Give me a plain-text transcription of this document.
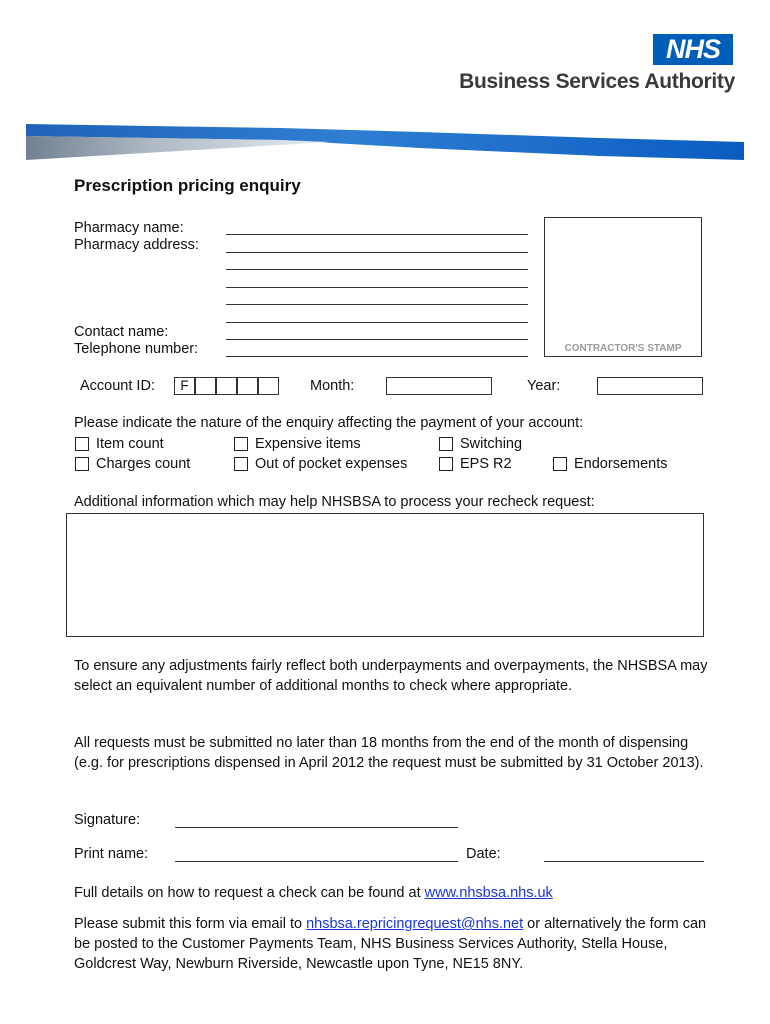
NHS
Business Services Authority
Prescription pricing enquiry
Pharmacy name:
Pharmacy address:
Contact name:
Telephone number:	CONTRACTOR'S STAMP
Account ID:	F	Month:	Year:
Please indicate the nature of the enquiry affecting the payment of your account:
Item count	Expensive items	Switching
Charges count	Out of pocket expenses	EPS R2	Endorsements
Additional information which may help NHSBSA to process your recheck request:
To ensure any adjustments fairly reflect both underpayments and overpayments, the NHSBSA may select an equivalent number of additional months to check where appropriate.
All requests must be submitted no later than 18 months from the end of the month of dispensing (e.g. for prescriptions dispensed in April 2012 the request must be submitted by 31 October 2013).
Signature:
Print name:	Date:
Full details on how to request a check can be found at www.nhsbsa.nhs.uk
Please submit this form via email to nhsbsa.repricingrequest@nhs.net or alternatively the form can be posted to the Customer Payments Team, NHS Business Services Authority, Stella House, Goldcrest Way, Newburn Riverside, Newcastle upon Tyne, NE15 8NY.
